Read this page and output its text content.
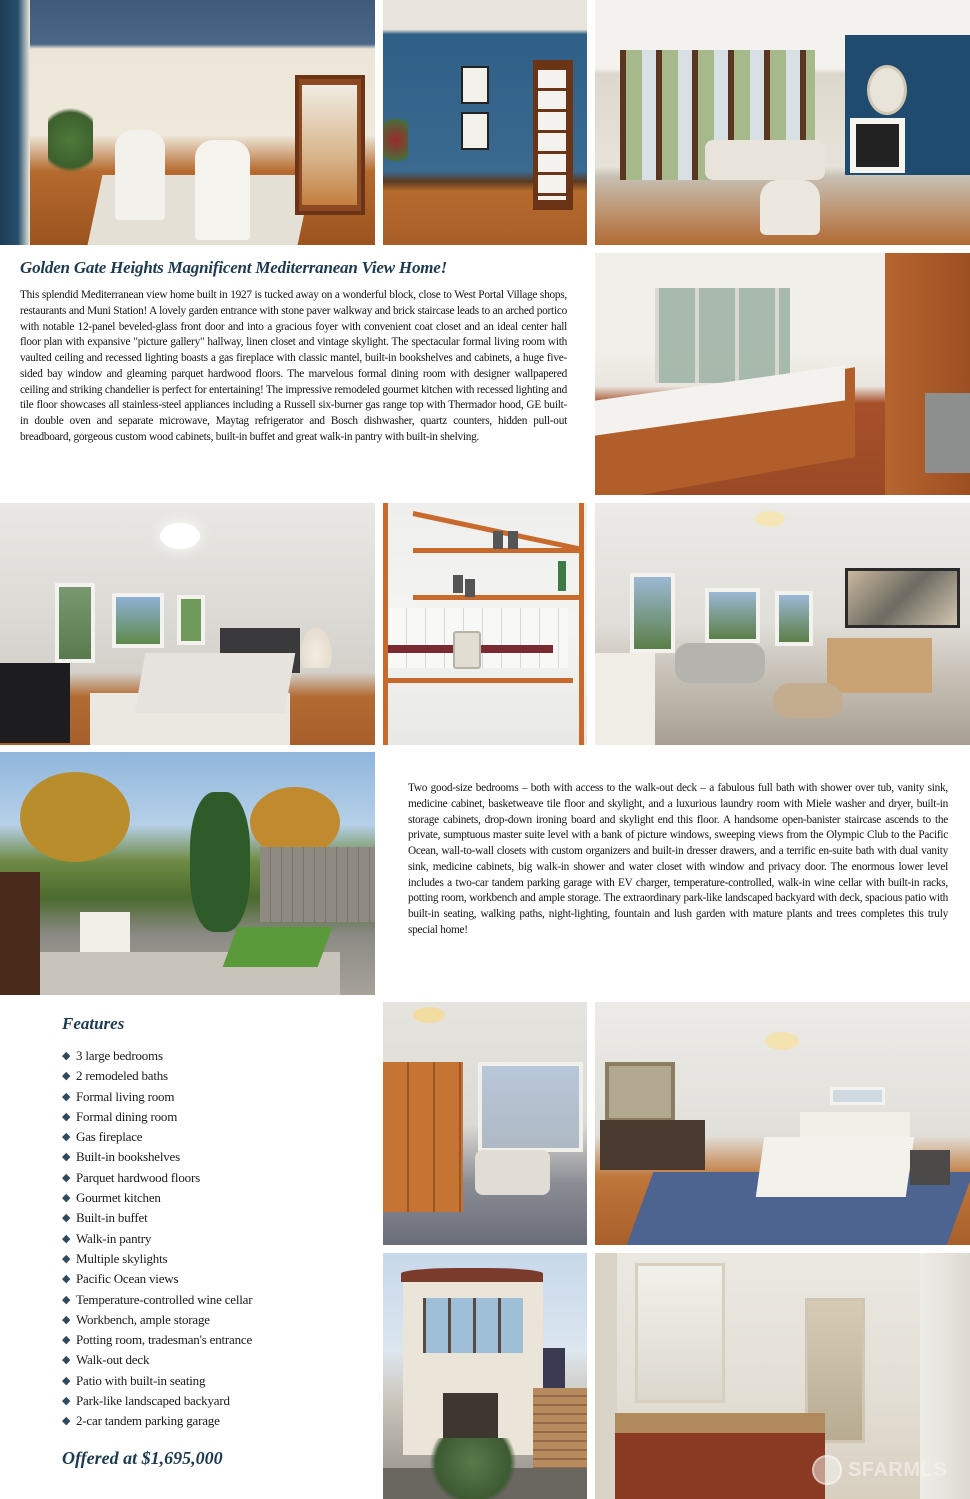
Golden Gate Heights Magnificent Mediterranean View Home!

This splendid Mediterranean view home built in 1927 is tucked away on a wonderful block, close to West Portal Village shops, restaurants and Muni Station! A lovely garden entrance with stone paver walkway and brick staircase leads to an arched portico with notable 12-panel beveled-glass front door and into a gracious foyer with convenient coat closet and an ideal center hall floor plan with expansive "picture gallery" hallway, linen closet and vintage skylight. The spectacular formal living room with vaulted ceiling and recessed lighting boasts a gas fireplace with classic mantel, built-in bookshelves and cabinets, a huge five-sided bay window and gleaming parquet hardwood floors. The marvelous formal dining room with designer wallpapered ceiling and striking chandelier is perfect for entertaining! The impressive remodeled gourmet kitchen with recessed lighting and tile floor showcases all stainless-steel appliances including a Russell six-burner gas range top with Thermador hood, GE built-in double oven and separate microwave, Maytag refrigerator and Bosch dishwasher, quartz counters, hidden pull-out breadboard, gorgeous custom wood cabinets, built-in buffet and great walk-in pantry with built-in shelving.

Two good-size bedrooms – both with access to the walk-out deck – a fabulous full bath with shower over tub, vanity sink, medicine cabinet, basketweave tile floor and skylight, and a luxurious laundry room with Miele washer and dryer, built-in storage cabinets, drop-down ironing board and skylight end this floor. A handsome open-banister staircase ascends to the private, sumptuous master suite level with a bank of picture windows, sweeping views from the Olympic Club to the Pacific Ocean, wall-to-wall closets with custom organizers and built-in dresser drawers, and a terrific en-suite bath with dual vanity sink, medicine cabinets, big walk-in shower and water closet with window and privacy door. The enormous lower level includes a two-car tandem parking garage with EV charger, temperature-controlled, walk-in wine cellar with built-in racks, potting room, workbench and ample storage. The extraordinary park-like landscaped backyard with deck, spacious patio with built-in seating, walking paths, night-lighting, fountain and lush garden with mature plants and trees completes this truly special home!

Features
◆ 3 large bedrooms
◆ 2 remodeled baths
◆ Formal living room
◆ Formal dining room
◆ Gas fireplace
◆ Built-in bookshelves
◆ Parquet hardwood floors
◆ Gourmet kitchen
◆ Built-in buffet
◆ Walk-in pantry
◆ Multiple skylights
◆ Pacific Ocean views
◆ Temperature-controlled wine cellar
◆ Workbench, ample storage
◆ Potting room, tradesman's entrance
◆ Walk-out deck
◆ Patio with built-in seating
◆ Park-like landscaped backyard
◆ 2-car tandem parking garage
Offered at $1,695,000
SFARMLS
